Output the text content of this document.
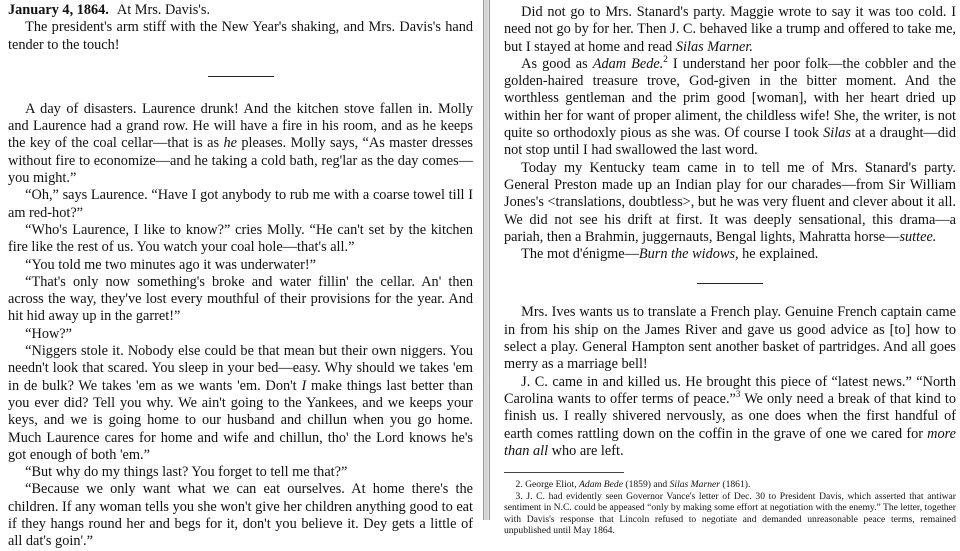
January 4, 1864. At Mrs. Davis's.

The president's arm stiff with the New Year's shaking, and Mrs. Davis's hand tender to the touch!

A day of disasters. Laurence drunk! And the kitchen stove fallen in. Molly and Laurence had a grand row. He will have a fire in his room, and as he keeps the key of the coal cellar—that is as he pleases. Molly says, “As master dresses without fire to economize—and he taking a cold bath, reg'lar as the day comes—you might.”

“Oh,” says Laurence. “Have I got anybody to rub me with a coarse towel till I am red-hot?”

“Who's Laurence, I like to know?” cries Molly. “He can't set by the kitchen fire like the rest of us. You watch your coal hole—that's all.”

“You told me two minutes ago it was underwater!”

“That's only now something's broke and water fillin' the cellar. An' then across the way, they've lost every mouthful of their provisions for the year. And hit hid away up in the garret!”

“How?”

“Niggers stole it. Nobody else could be that mean but their own niggers. You needn't look that scared. You sleep in your bed—easy. Why should we takes 'em in de bulk? We takes 'em as we wants 'em. Don't I make things last better than you ever did? Tell you why. We ain't going to the Yankees, and we keeps your keys, and we is going home to our husband and chillun when you go home. Much Laurence cares for home and wife and chillun, tho' the Lord knows he's got enough of both 'em.”

“But why do my things last? You forget to tell me that?”

“Because we only want what we can eat ourselves. At home there's the children. If any woman tells you she won't give her children anything good to eat if they hangs round her and begs for it, don't you believe it. Dey gets a little of all dat's goin'.”

Did not go to Mrs. Stanard's party. Maggie wrote to say it was too cold. I need not go by for her. Then J. C. behaved like a trump and offered to take me, but I stayed at home and read Silas Marner.

As good as Adam Bede.$^2$ I understand her poor folk—the cobbler and the golden-haired treasure trove, God-given in the bitter moment. And the worthless gentleman and the prim good [woman], with her heart dried up within her for want of proper aliment, the childless wife! She, the writer, is not quite so orthodoxly pious as she was. Of course I took Silas at a draught—did not stop until I had swallowed the last word.

Today my Kentucky team came in to tell me of Mrs. Stanard's party. General Preston made up an Indian play for our charades—from Sir William Jones's <translations, doubtless>, but he was very fluent and clever about it all. We did not see his drift at first. It was deeply sensational, this drama—a pariah, then a Brahmin, juggernauts, Bengal lights, Mahratta horse—suttee.

The mot d'énigme—Burn the widows, he explained.

Mrs. Ives wants us to translate a French play. Genuine French captain came in from his ship on the James River and gave us good advice as [to] how to select a play. General Hampton sent another basket of partridges. And all goes merry as a marriage bell!

J. C. came in and killed us. He brought this piece of “latest news.” “North Carolina wants to offer terms of peace.”$^3$ We only need a break of that kind to finish us. I really shivered nervously, as one does when the first handful of earth comes rattling down on the coffin in the grave of one we cared for more than all who are left.

2. George Eliot, Adam Bede (1859) and Silas Marner (1861).

3. J. C. had evidently seen Governor Vance's letter of Dec. 30 to President Davis, which asserted that antiwar sentiment in N.C. could be appeased “only by making some effort at negotiation with the enemy.” The letter, together with Davis's response that Lincoln refused to negotiate and demanded unreasonable peace terms, remained unpublished until May 1864.
